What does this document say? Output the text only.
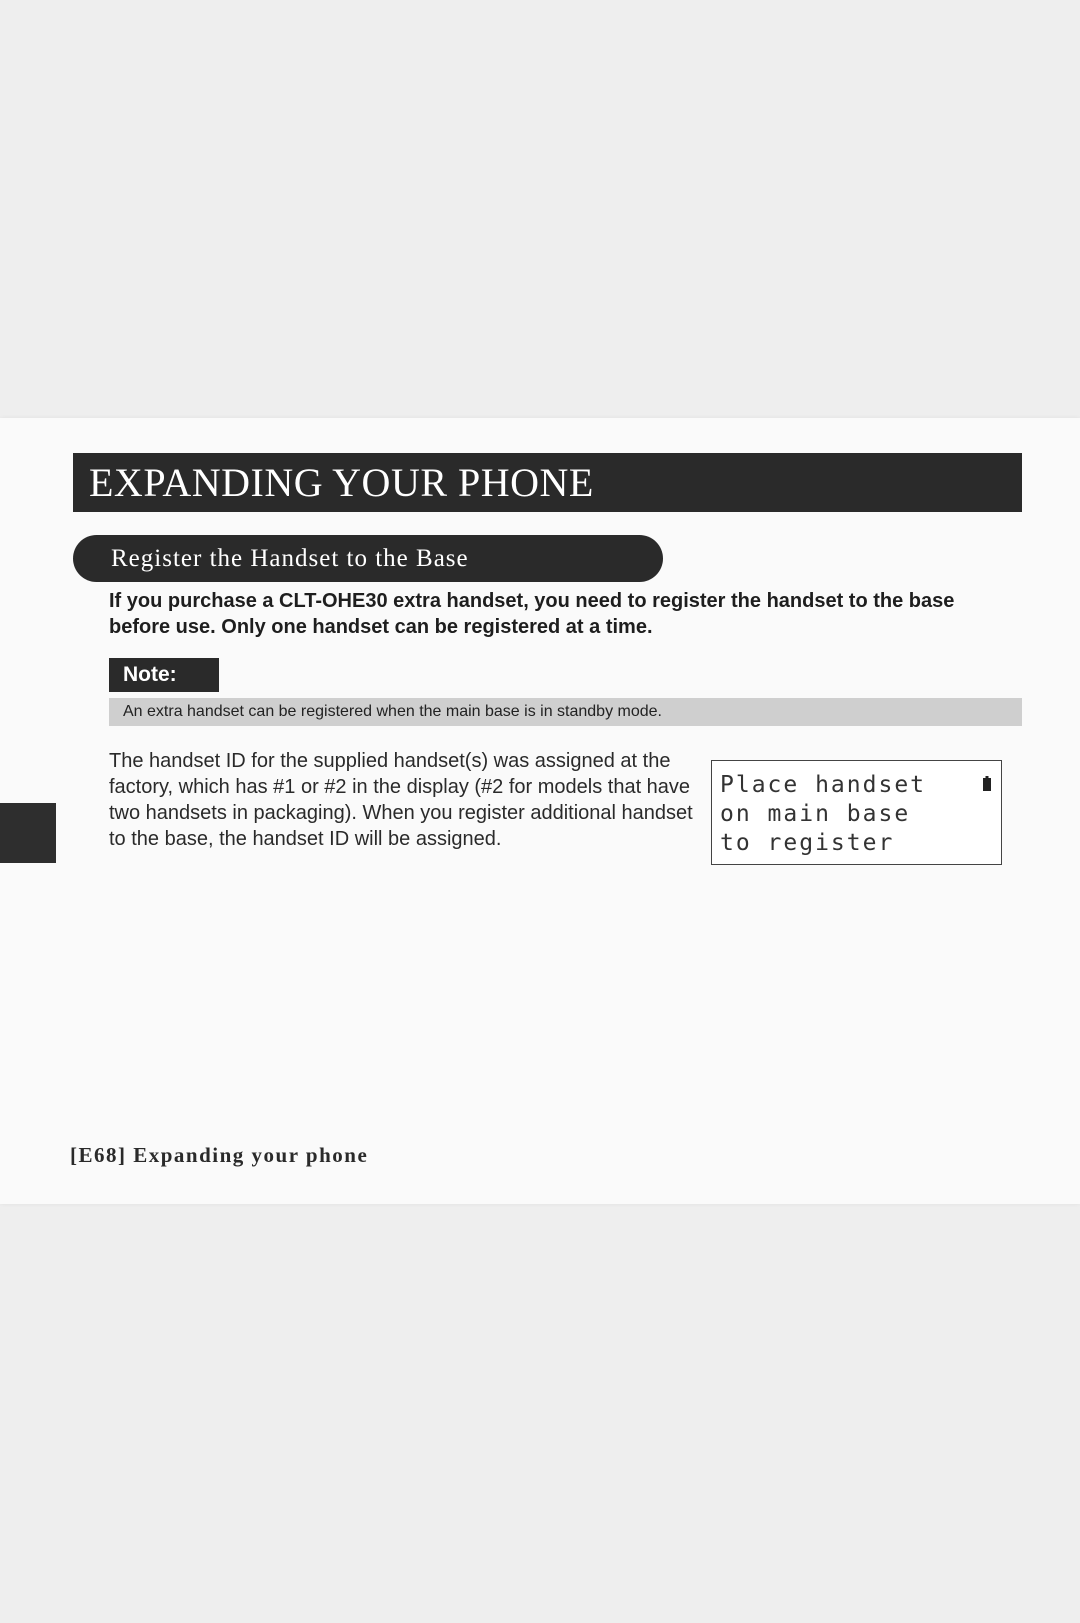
EXPANDING YOUR PHONE
Register the Handset to the Base

If you purchase a CLT-OHE30 extra handset, you need to register the handset to the base before use. Only one handset can be registered at a time.

Note:
An extra handset can be registered when the main base is in standby mode.

The handset ID for the supplied handset(s) was assigned at the factory, which has #1 or #2 in the display (#2 for models that have two handsets in packaging). When you register additional handset to the base, the handset ID will be assigned.

Place handset
on main base
to register
[E68] Expanding your phone
